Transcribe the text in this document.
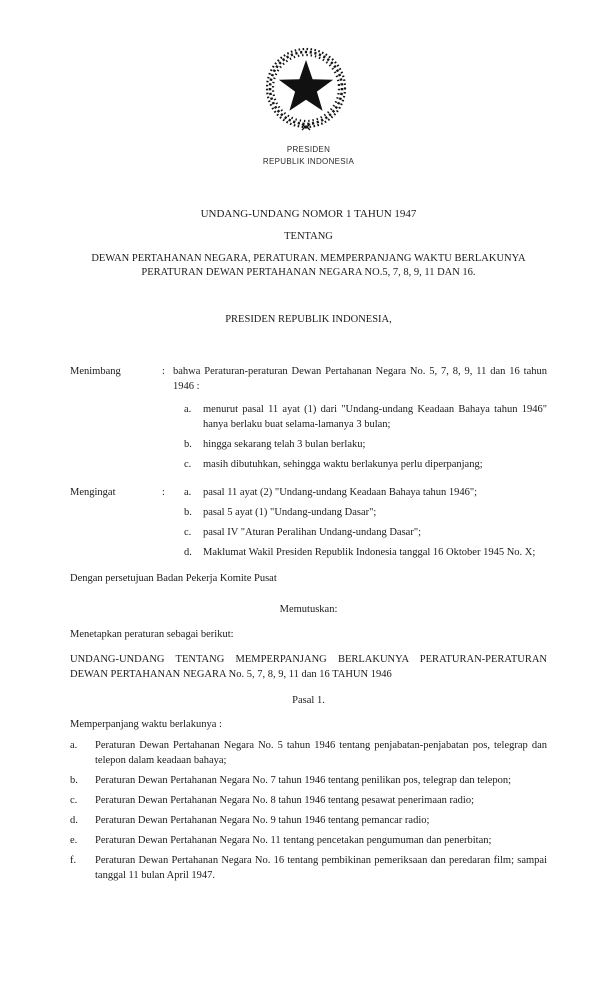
PRESIDEN
REPUBLIK INDONESIA
UNDANG-UNDANG NOMOR 1 TAHUN 1947
TENTANG
DEWAN PERTAHANAN NEGARA, PERATURAN. MEMPERPANJANG WAKTU BERLAKUNYA PERATURAN DEWAN PERTAHANAN NEGARA NO.5, 7, 8, 9, 11 DAN 16.
PRESIDEN REPUBLIK INDONESIA,
Menimbang	: bahwa Peraturan-peraturan Dewan Pertahanan Negara No. 5, 7, 8, 9, 11 dan 16 tahun 1946 :

a.	menurut pasal 11 ayat (1) dari "Undang-undang Keadaan Bahaya tahun 1946" hanya berlaku buat selama-lamanya 3 bulan;
b.	hingga sekarang telah 3 bulan berlaku;
c.	masih dibutuhkan, sehingga waktu berlakunya perlu diperpanjang;
Mengingat	:	a.	pasal 11 ayat (2) "Undang-undang Keadaan Bahaya tahun 1946";
b.	pasal 5 ayat (1) "Undang-undang Dasar";
c.	pasal IV "Aturan Peralihan Undang-undang Dasar";
d.	Maklumat Wakil Presiden Republik Indonesia tanggal 16 Oktober 1945 No. X;
Dengan persetujuan Badan Pekerja Komite Pusat
Memutuskan:
Menetapkan peraturan sebagai berikut:
UNDANG-UNDANG TENTANG MEMPERPANJANG BERLAKUNYA PERATURAN-PERATURAN DEWAN PERTAHANAN NEGARA No. 5, 7, 8, 9, 11 dan 16 TAHUN 1946
Pasal 1.
Memperpanjang waktu berlakunya :
a.	Peraturan Dewan Pertahanan Negara No. 5 tahun 1946 tentang penjabatan-penjabatan pos, telegrap dan telepon dalam keadaan bahaya;
b.	Peraturan Dewan Pertahanan Negara No. 7 tahun 1946 tentang penilikan pos, telegrap dan telepon;
c.	Peraturan Dewan Pertahanan Negara No. 8 tahun 1946 tentang pesawat penerimaan radio;
d.	Peraturan Dewan Pertahanan Negara No. 9 tahun 1946 tentang pemancar radio;
e.	Peraturan Dewan Pertahanan Negara No. 11 tentang pencetakan pengumuman dan penerbitan;
f.	Peraturan Dewan Pertahanan Negara No. 16 tentang pembikinan pemeriksaan dan peredaran film; sampai tanggal 11 bulan April 1947.
